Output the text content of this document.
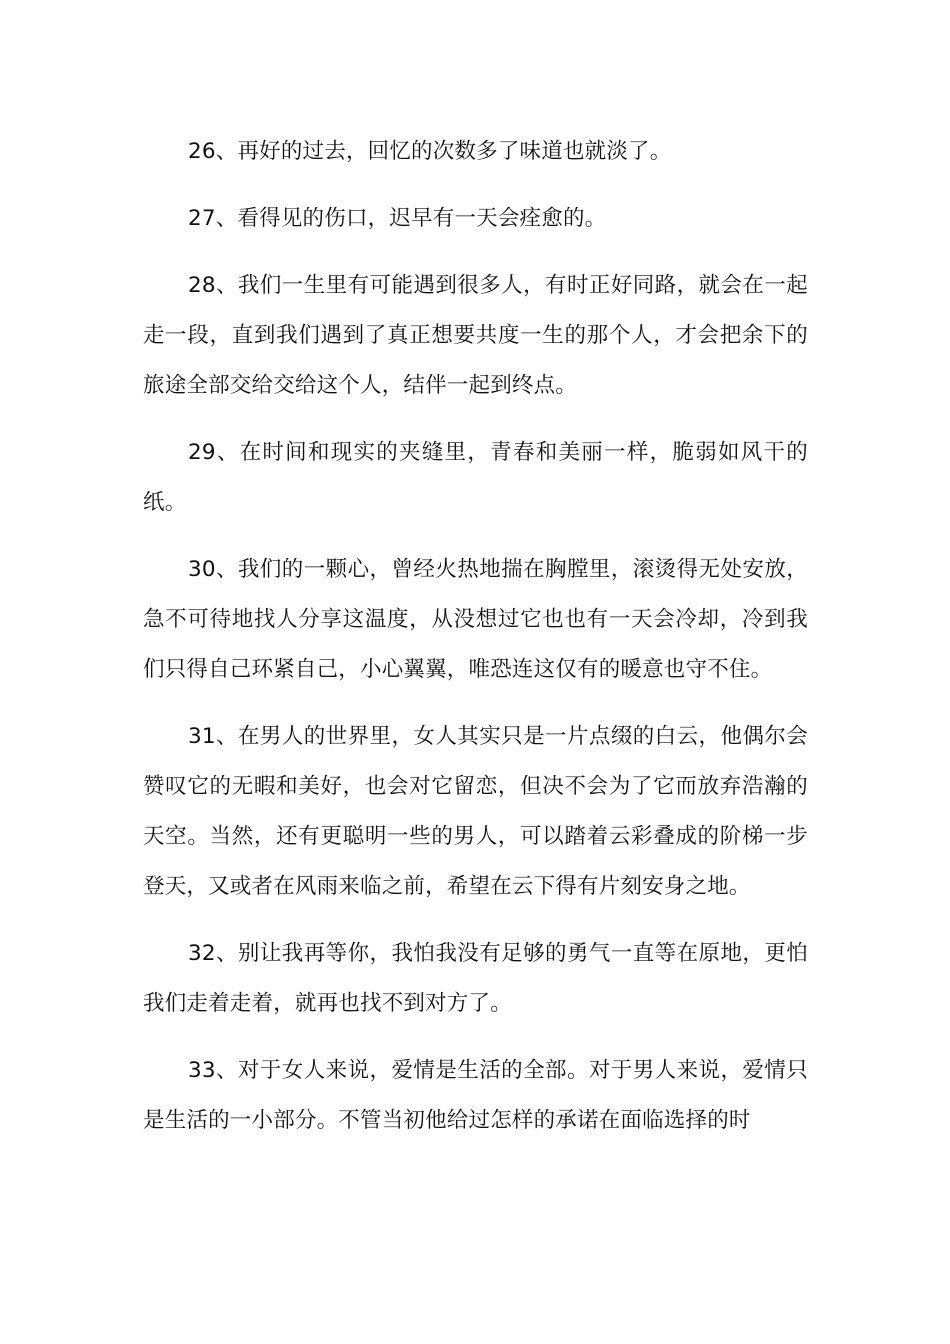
26、再好的过去，回忆的次数多了味道也就淡了。

27、看得见的伤口，迟早有一天会痊愈的。

28、我们一生里有可能遇到很多人，有时正好同路，就会在一起走一段，直到我们遇到了真正想要共度一生的那个人，才会把余下的旅途全部交给交给这个人，结伴一起到终点。

29、在时间和现实的夹缝里，青春和美丽一样，脆弱如风干的纸。

30、我们的一颗心，曾经火热地揣在胸膛里，滚烫得无处安放，急不可待地找人分享这温度，从没想过它也也有一天会冷却，冷到我们只得自己环紧自己，小心翼翼，唯恐连这仅有的暖意也守不住。

31、在男人的世界里，女人其实只是一片点缀的白云，他偶尔会赞叹它的无暇和美好，也会对它留恋，但决不会为了它而放弃浩瀚的天空。当然，还有更聪明一些的男人，可以踏着云彩叠成的阶梯一步登天，又或者在风雨来临之前，希望在云下得有片刻安身之地。

32、别让我再等你，我怕我没有足够的勇气一直等在原地，更怕我们走着走着，就再也找不到对方了。

33、对于女人来说，爱情是生活的全部。对于男人来说，爱情只是生活的一小部分。不管当初他给过怎样的承诺在面临选择的时
